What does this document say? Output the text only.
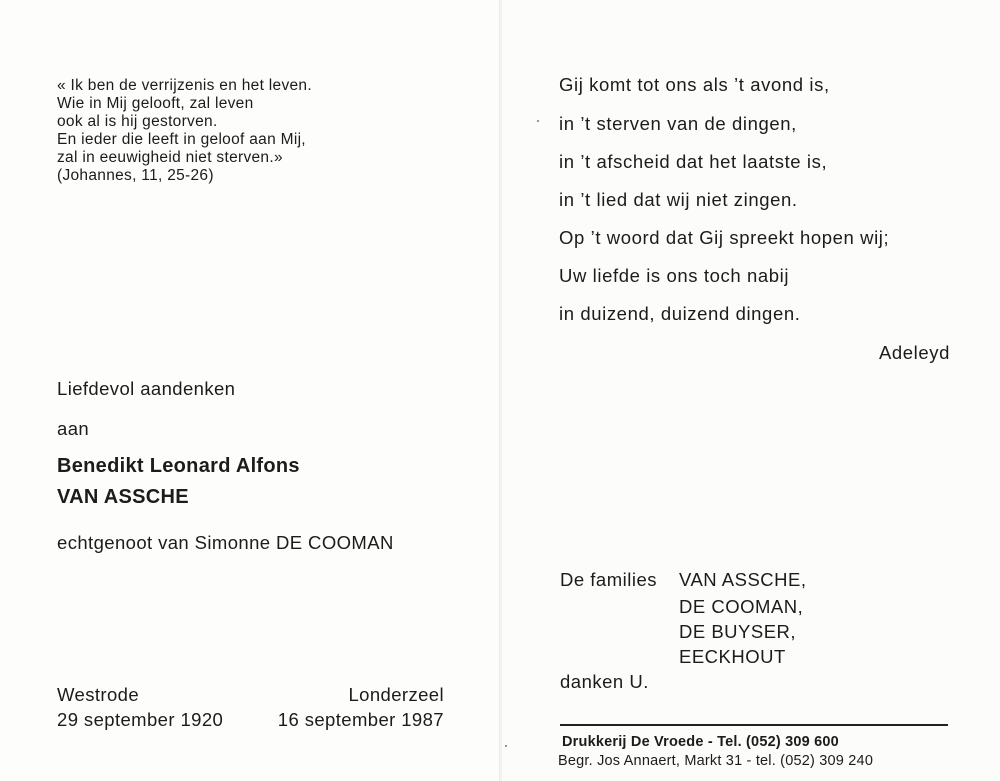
« Ik ben de verrijzenis en het leven.
Wie in Mij gelooft, zal leven
ook al is hij gestorven.
En ieder die leeft in geloof aan Mij,
zal in eeuwigheid niet sterven.»
(Johannes, 11, 25-26)
Liefdevol aandenken
aan
Benedikt Leonard Alfons
VAN ASSCHE
echtgenoot van Simonne DE COOMAN
Westrode
29 september 1920
Londerzeel
16 september 1987
Gij komt tot ons als ’t avond is,
in ’t sterven van de dingen,
in ’t afscheid dat het laatste is,
in ’t lied dat wij niet zingen.
Op ’t woord dat Gij spreekt hopen wij;
Uw liefde is ons toch nabij
in duizend, duizend dingen.
Adeleyd
De families VAN ASSCHE,
DE COOMAN,
DE BUYSER,
EECKHOUT
danken U.
Drukkerij De Vroede - Tel. (052) 309 600
Begr. Jos Annaert, Markt 31 - tel. (052) 309 240
